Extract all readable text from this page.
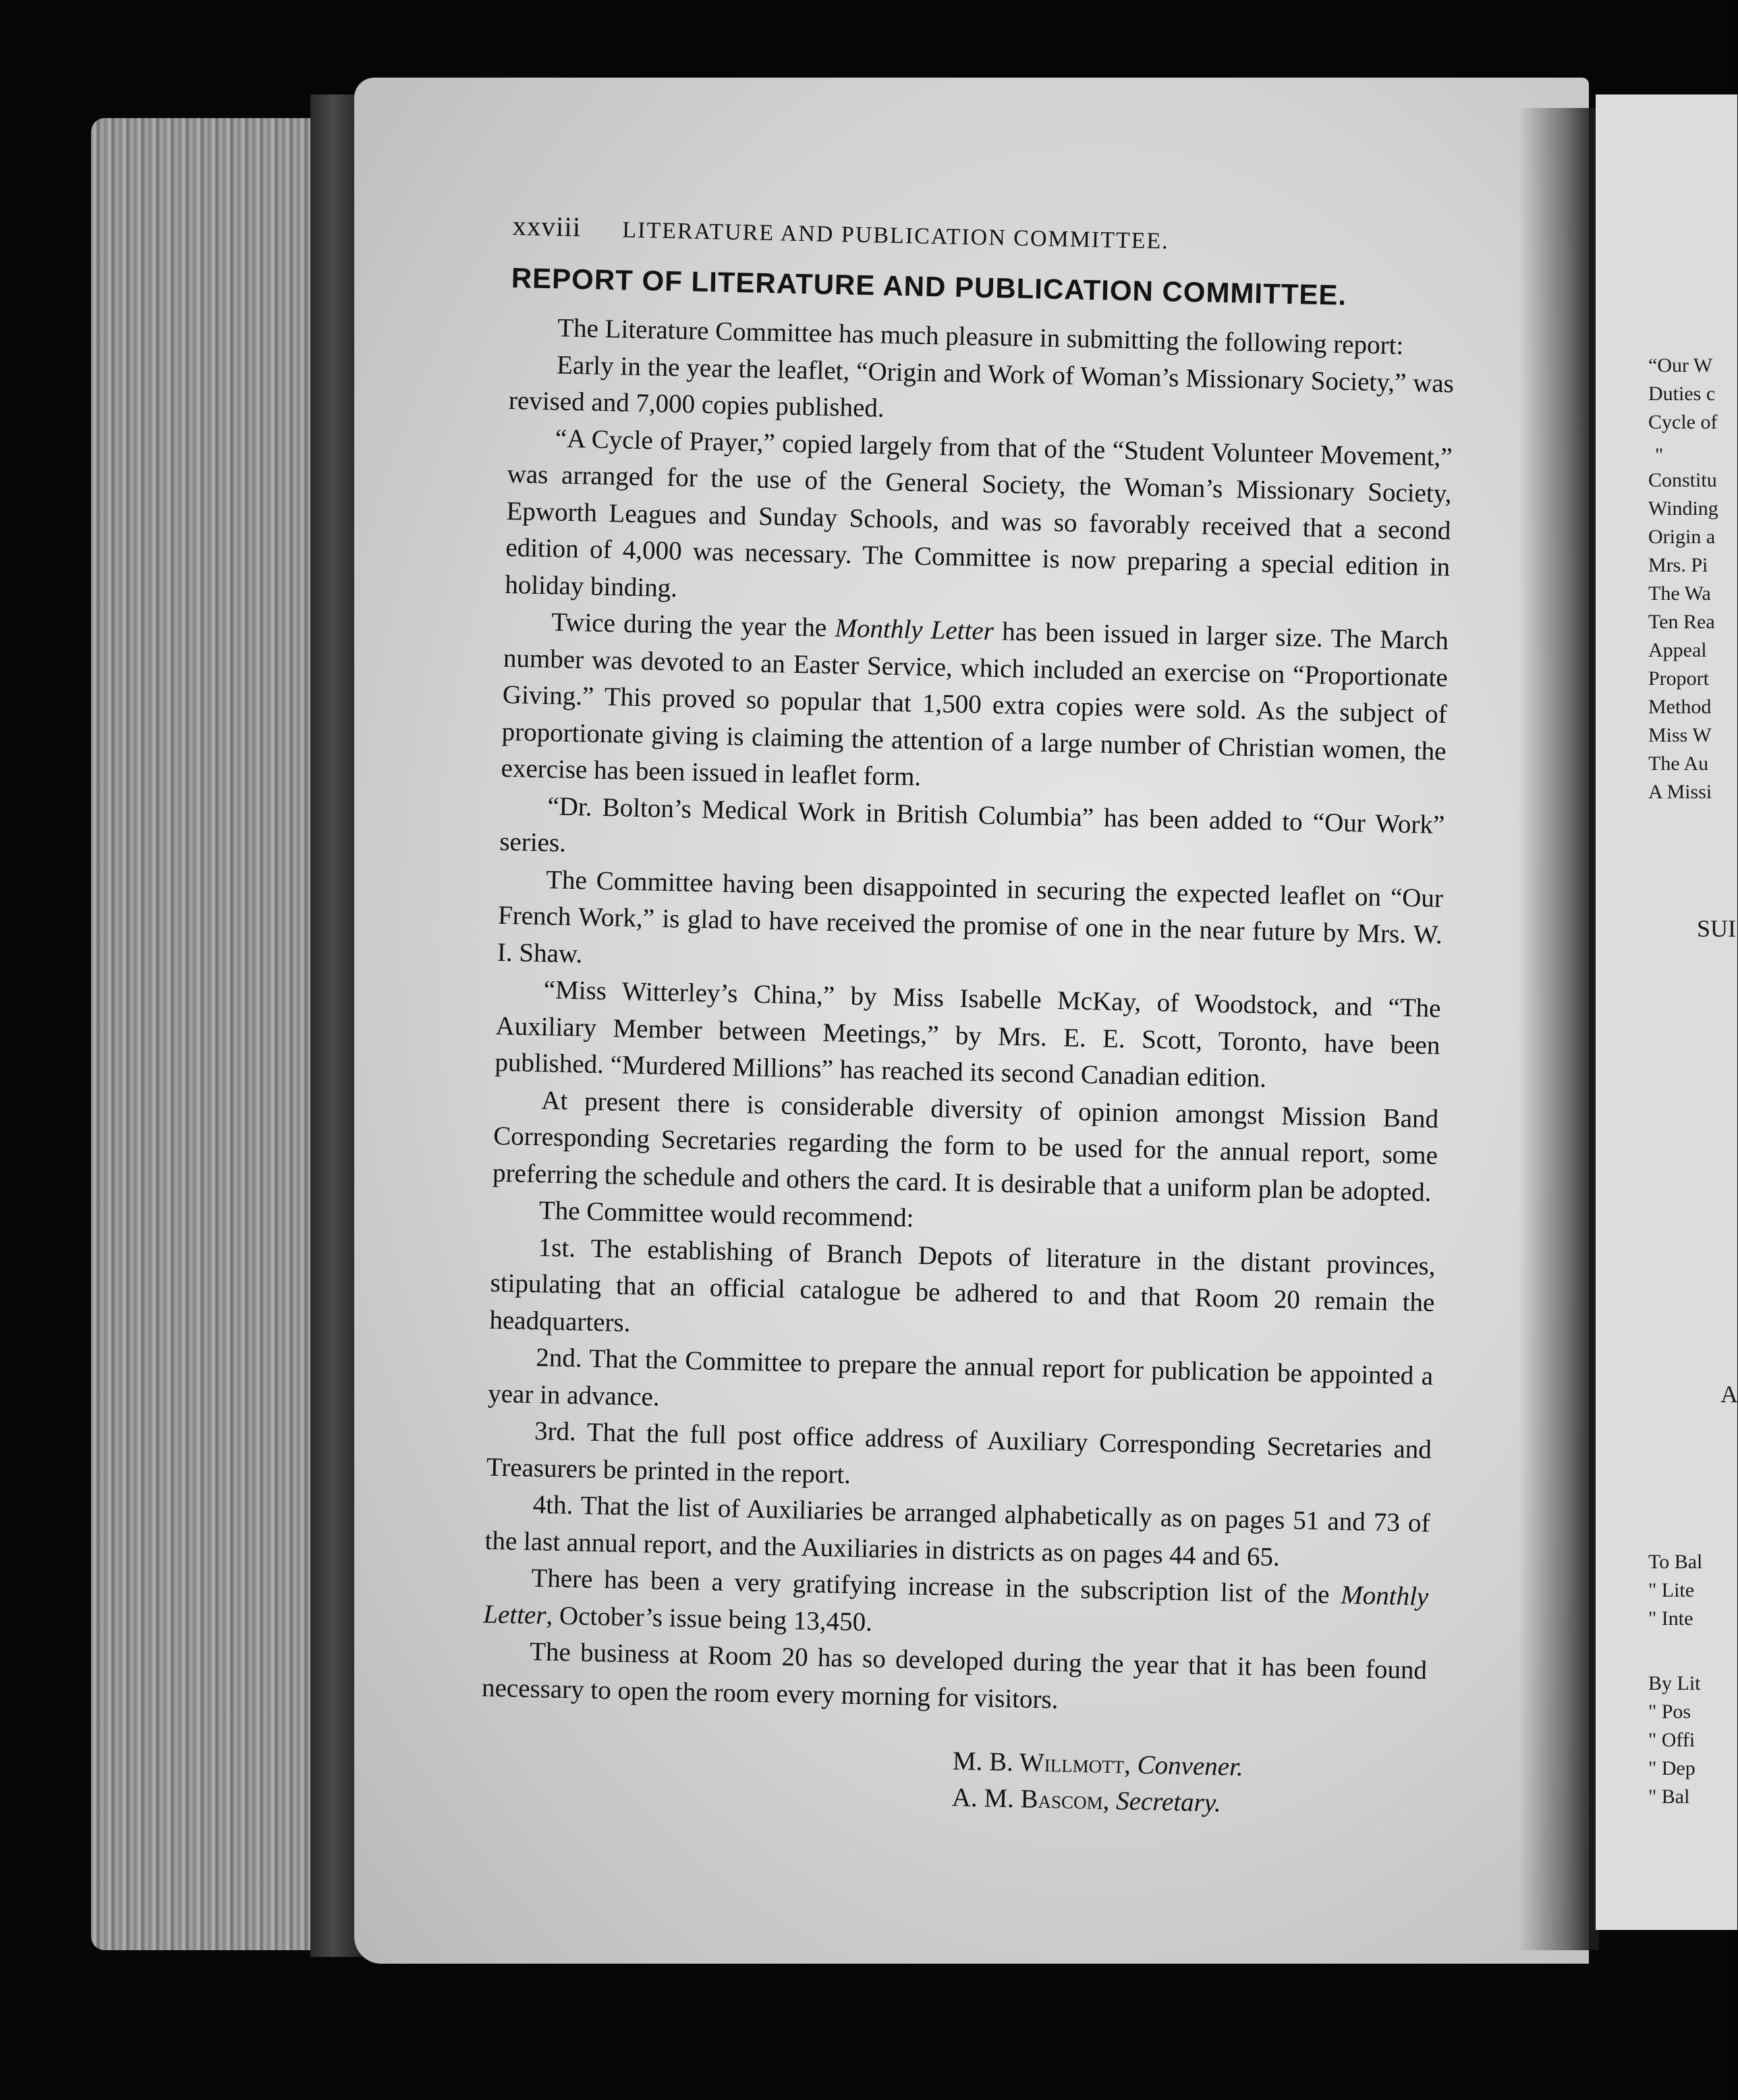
“Our W
Duties c
Cycle of
"
Constitu
Winding
Origin a
Mrs. Pi
The Wa
Ten Rea
Appeal
Proport
Method
Miss W
The Au
A Missi
SUI
A
To Bal
" Lite
" Inte
By Lit
" Pos
" Offi
" Dep
" Bal
xxviii LITERATURE AND PUBLICATION COMMITTEE.
REPORT OF LITERATURE AND PUBLICATION COMMITTEE.

The Literature Committee has much pleasure in submitting the following report:

Early in the year the leaflet, “Origin and Work of Woman’s Missionary Society,” was revised and 7,000 copies published.

“A Cycle of Prayer,” copied largely from that of the “Student Volunteer Movement,” was arranged for the use of the General Society, the Woman’s Missionary Society, Epworth Leagues and Sunday Schools, and was so favorably received that a second edition of 4,000 was necessary. The Committee is now preparing a special edition in holiday binding.

Twice during the year the Monthly Letter has been issued in larger size. The March number was devoted to an Easter Service, which included an exercise on “Proportionate Giving.” This proved so popular that 1,500 extra copies were sold. As the subject of proportionate giving is claiming the attention of a large number of Christian women, the exercise has been issued in leaflet form.

“Dr. Bolton’s Medical Work in British Columbia” has been added to “Our Work” series.

The Committee having been disappointed in securing the expected leaflet on “Our French Work,” is glad to have received the promise of one in the near future by Mrs. W. I. Shaw.

“Miss Witterley’s China,” by Miss Isabelle McKay, of Woodstock, and “The Auxiliary Member between Meetings,” by Mrs. E. E. Scott, Toronto, have been published. “Murdered Millions” has reached its second Canadian edition.

At present there is considerable diversity of opinion amongst Mission Band Corresponding Secretaries regarding the form to be used for the annual report, some preferring the schedule and others the card. It is desirable that a uniform plan be adopted.

The Committee would recommend:

1st. The establishing of Branch Depots of literature in the distant provinces, stipulating that an official catalogue be adhered to and that Room 20 remain the headquarters.

2nd. That the Committee to prepare the annual report for publication be appointed a year in advance.

3rd. That the full post office address of Auxiliary Corresponding Secretaries and Treasurers be printed in the report.

4th. That the list of Auxiliaries be arranged alphabetically as on pages 51 and 73 of the last annual report, and the Auxiliaries in districts as on pages 44 and 65.

There has been a very gratifying increase in the subscription list of the Monthly Letter, October’s issue being 13,450.

The business at Room 20 has so developed during the year that it has been found necessary to open the room every morning for visitors.

M. B. Willmott, Convener.
A. M. Bascom, Secretary.
